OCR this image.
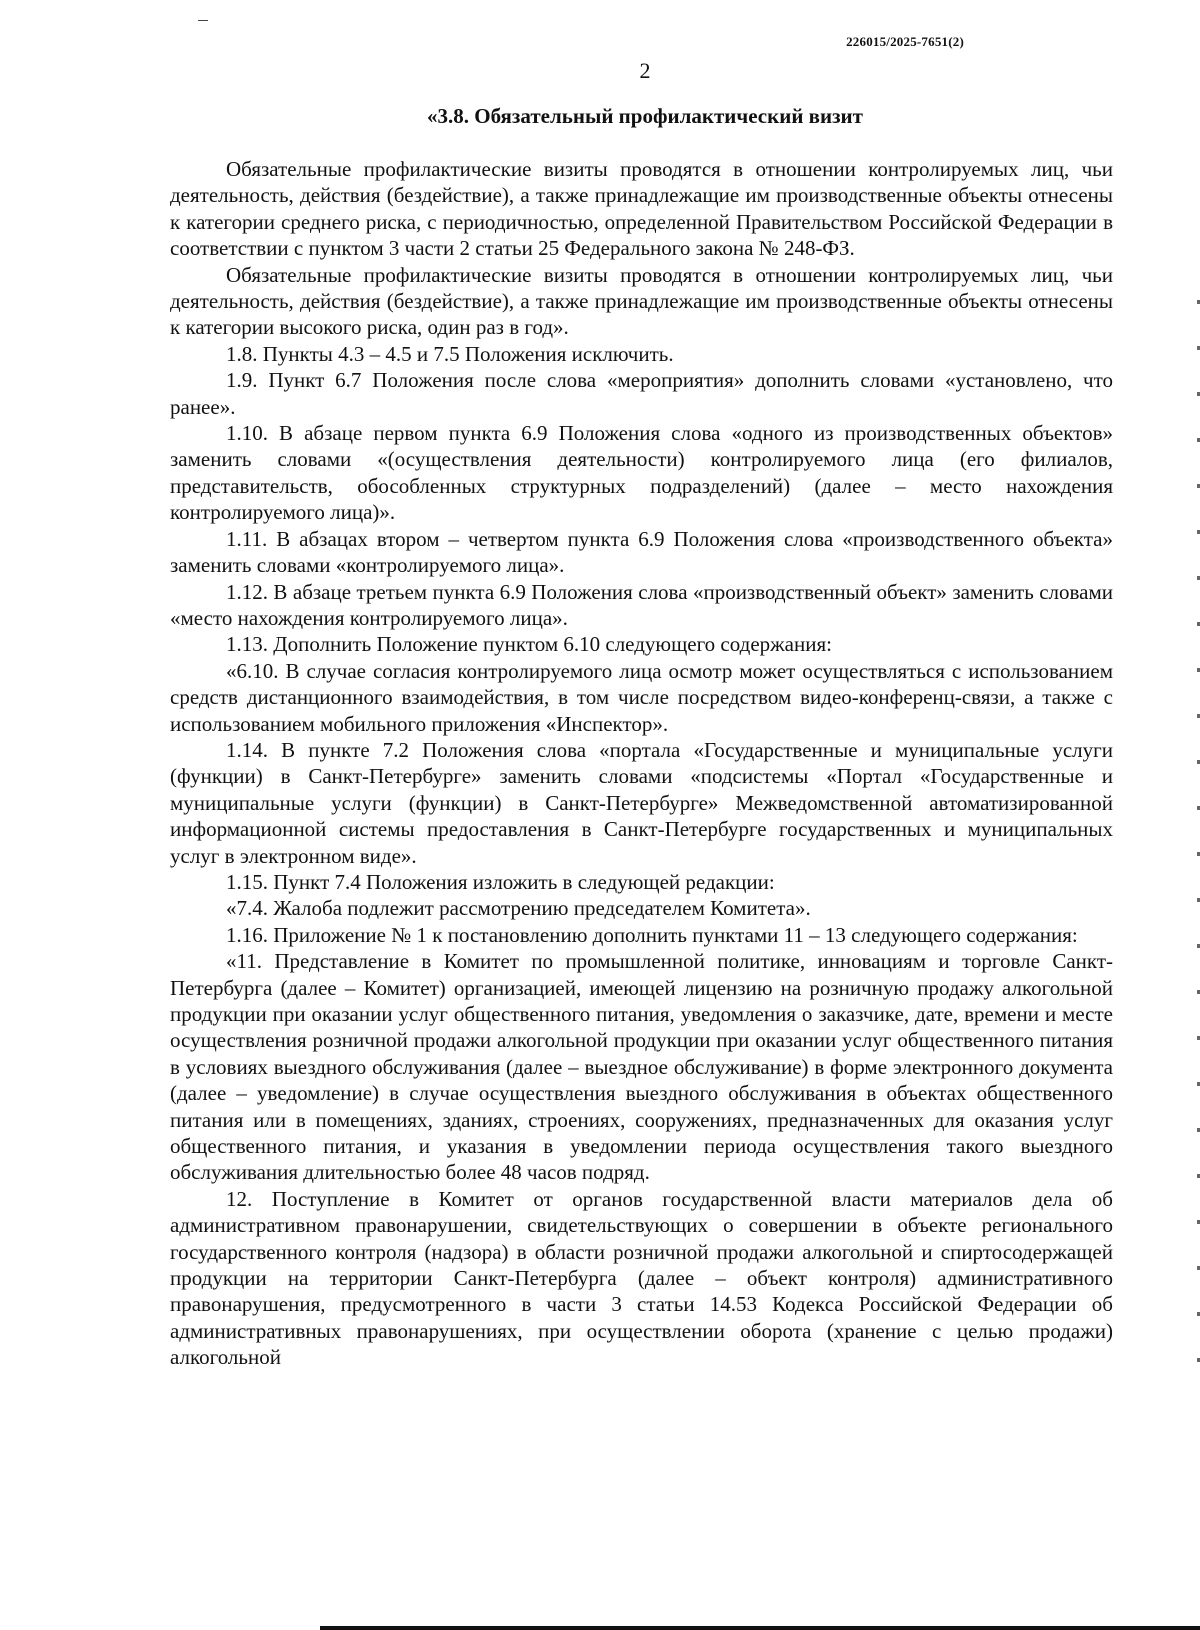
226015/2025-7651(2)
2
«3.8. Обязательный профилактический визит

Обязательные профилактические визиты проводятся в отношении контролируемых лиц, чьи деятельность, действия (бездействие), а также принадлежащие им производственные объекты отнесены к категории среднего риска, с периодичностью, определенной Правительством Российской Федерации в соответствии с пунктом 3 части 2 статьи 25 Федерального закона № 248-ФЗ.

Обязательные профилактические визиты проводятся в отношении контролируемых лиц, чьи деятельность, действия (бездействие), а также принадлежащие им производственные объекты отнесены к категории высокого риска, один раз в год».

1.8. Пункты 4.3 – 4.5 и 7.5 Положения исключить.

1.9. Пункт 6.7 Положения после слова «мероприятия» дополнить словами «установлено, что ранее».

1.10. В абзаце первом пункта 6.9 Положения слова «одного из производственных объектов» заменить словами «(осуществления деятельности) контролируемого лица (его филиалов, представительств, обособленных структурных подразделений) (далее – место нахождения контролируемого лица)».

1.11. В абзацах втором – четвертом пункта 6.9 Положения слова «производственного объекта» заменить словами «контролируемого лица».

1.12. В абзаце третьем пункта 6.9 Положения слова «производственный объект» заменить словами «место нахождения контролируемого лица».

1.13. Дополнить Положение пунктом 6.10 следующего содержания:

«6.10. В случае согласия контролируемого лица осмотр может осуществляться с использованием средств дистанционного взаимодействия, в том числе посредством видео-конференц-связи, а также с использованием мобильного приложения «Инспектор».

1.14. В пункте 7.2 Положения слова «портала «Государственные и муниципальные услуги (функции) в Санкт-Петербурге» заменить словами «подсистемы «Портал «Государственные и муниципальные услуги (функции) в Санкт-Петербурге» Межведомственной автоматизированной информационной системы предоставления в Санкт-Петербурге государственных и муниципальных услуг в электронном виде».

1.15. Пункт 7.4 Положения изложить в следующей редакции:

«7.4. Жалоба подлежит рассмотрению председателем Комитета».

1.16. Приложение № 1 к постановлению дополнить пунктами 11 – 13 следующего содержания:

«11. Представление в Комитет по промышленной политике, инновациям и торговле Санкт-Петербурга (далее – Комитет) организацией, имеющей лицензию на розничную продажу алкогольной продукции при оказании услуг общественного питания, уведомления о заказчике, дате, времени и месте осуществления розничной продажи алкогольной продукции при оказании услуг общественного питания в условиях выездного обслуживания (далее – выездное обслуживание) в форме электронного документа (далее – уведомление) в случае осуществления выездного обслуживания в объектах общественного питания или в помещениях, зданиях, строениях, сооружениях, предназначенных для оказания услуг общественного питания, и указания в уведомлении периода осуществления такого выездного обслуживания длительностью более 48 часов подряд.

12. Поступление в Комитет от органов государственной власти материалов дела об административном правонарушении, свидетельствующих о совершении в объекте регионального государственного контроля (надзора) в области розничной продажи алкогольной и спиртосодержащей продукции на территории Санкт-Петербурга (далее – объект контроля) административного правонарушения, предусмотренного в части 3 статьи 14.53 Кодекса Российской Федерации об административных правонарушениях, при осуществлении оборота (хранение с целью продажи) алкогольной
